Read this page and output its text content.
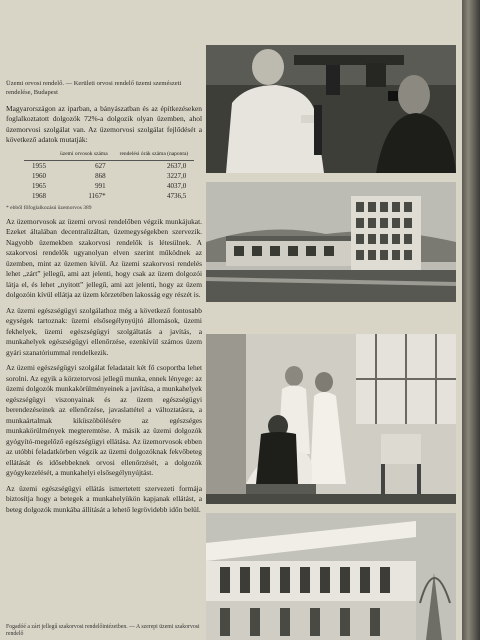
Üzemi orvosi rendelő. — Kerületi orvosi rendelő üzemi szemészeti rendelése, Budapest

Magyarországon az iparban, a bányászatban és az építkezéseken foglalkoztatott dolgozók 72%-a dolgozik olyan üzemben, ahol üzemorvosi szolgálat van. Az üzemorvosi szolgálat fejlődését a következő adatok mutatják:

	üzemi orvosok száma	rendelési órák száma (naponta)
1955	627	2637,0
1960	868	3227,0
1965	991	4037,0
1968	1167*	4736,5

* ebből főfoglalkozású üzemorvos 389

Az üzemorvosok az üzemi orvosi rendelőben végzik munkájukat. Ezeket általában decentralizáltan, üzemegységekben szervezik. Nagyobb üzemekben szakorvosi rendelők is létesülnek. A szakorvosi rendelők ugyanolyan elven szerint működnek az üzemben, mint az üzemen kívül. Az üzemi szakorvosi rendelés lehet „zárt” jellegű, ami azt jelenti, hogy csak az üzem dolgozói látja el, és lehet „nyitott” jellegű, ami azt jelenti, hogy az üzem dolgozóin kívül ellátja az üzem körzetében lakosság egy részét is.

Az üzemi egészségügyi szolgálathoz még a következő fontosabb egységek tartoznak: üzemi elsősegélynyújtó állomások, üzemi fekhelyek, üzemi egészségügyi szolgáltatás a javítás, a munkahelyek egészségügyi ellenőrzése, ezenkívül számos üzem gyári szanatóriummal rendelkezik.

Az üzemi egészségügyi szolgálat feladatait két fő csoportba lehet sorolni. Az egyik a körzetorvosi jellegű munka, ennek lényege: az üzemi dolgozók munkakörülményeinek a javítása, a munkahelyek egészségügyi viszonyainak és az üzem egészségügyi berendezéseinek az ellenőrzése, javaslattétel a változtatásra, a munkaártalmak kiküszöbölésére az egészséges munkakörülmények megteremtése. A másik az üzemi dolgozók gyógyító-megelőző egészségügyi ellátása. Az üzemorvosok ebben az utóbbi feladatkörben végzik az üzemi dolgozóknak fekvőbeteg ellátását és idősebbeknek orvosi ellenőrzését, a dolgozók gyógykezelését, a munkahelyi elsősegélynyújtást.

Az üzemi egészségügyi ellátás ismertetett szervezeti formája biztosítja hogy a betegek a munkahelyükön kapjanak ellátást, a beteg dolgozók munkába állítását a lehető legrövidebb időn belül.

Fogadóé a zárt jellegű szakorvosi rendelőintézetben. — A szerepi üzemi szakorvosi rendelő
